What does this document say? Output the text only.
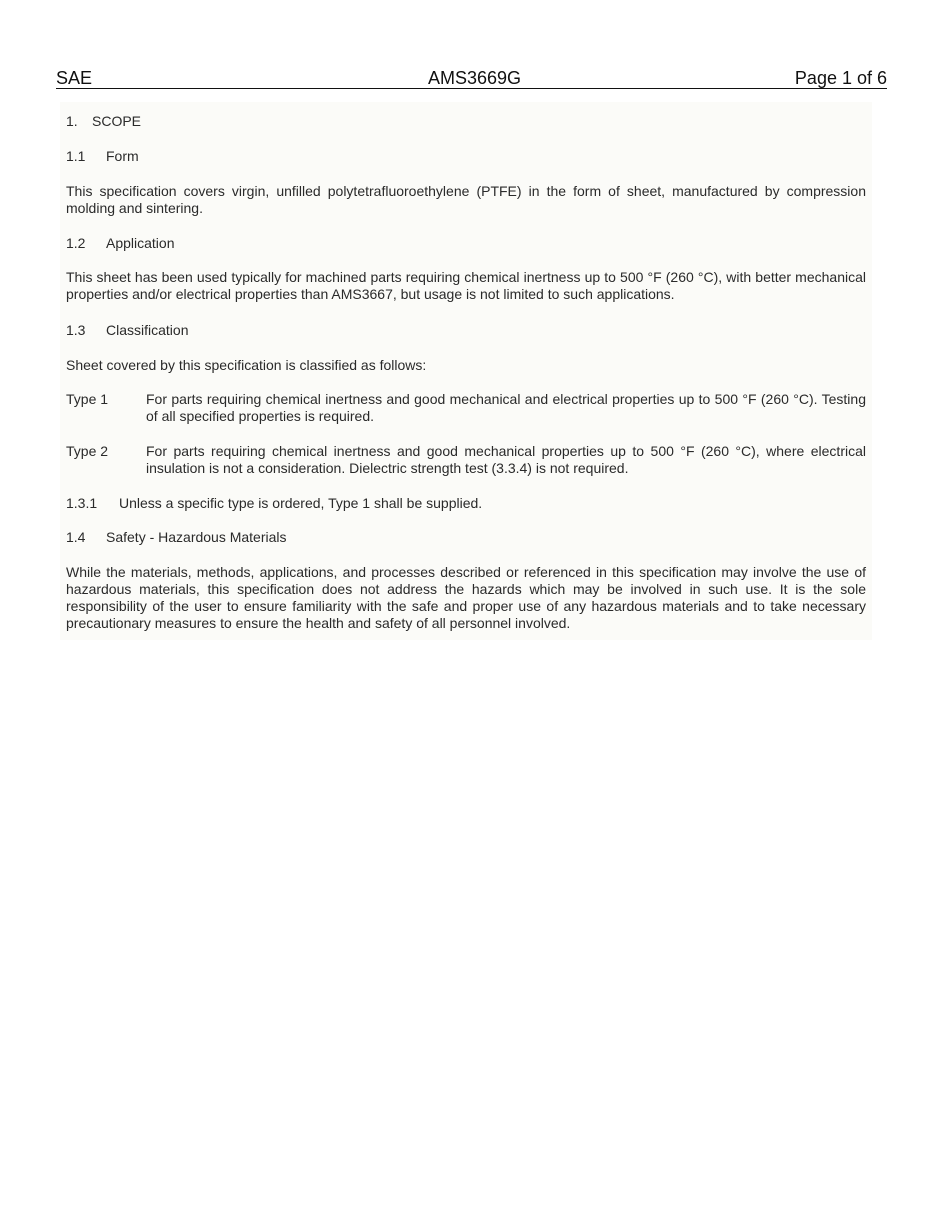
SAE	AMS3669G	Page 1 of 6
1. SCOPE
1.1 Form
This specification covers virgin, unfilled polytetrafluoroethylene (PTFE) in the form of sheet, manufactured by compression molding and sintering.
1.2 Application
This sheet has been used typically for machined parts requiring chemical inertness up to 500 °F (260 °C), with better mechanical properties and/or electrical properties than AMS3667, but usage is not limited to such applications.
1.3 Classification
Sheet covered by this specification is classified as follows:
Type 1	For parts requiring chemical inertness and good mechanical and electrical properties up to 500 °F (260 °C). Testing of all specified properties is required.
Type 2	For parts requiring chemical inertness and good mechanical properties up to 500 °F (260 °C), where electrical insulation is not a consideration. Dielectric strength test (3.3.4) is not required.
1.3.1 Unless a specific type is ordered, Type 1 shall be supplied.
1.4 Safety - Hazardous Materials
While the materials, methods, applications, and processes described or referenced in this specification may involve the use of hazardous materials, this specification does not address the hazards which may be involved in such use. It is the sole responsibility of the user to ensure familiarity with the safe and proper use of any hazardous materials and to take necessary precautionary measures to ensure the health and safety of all personnel involved.
